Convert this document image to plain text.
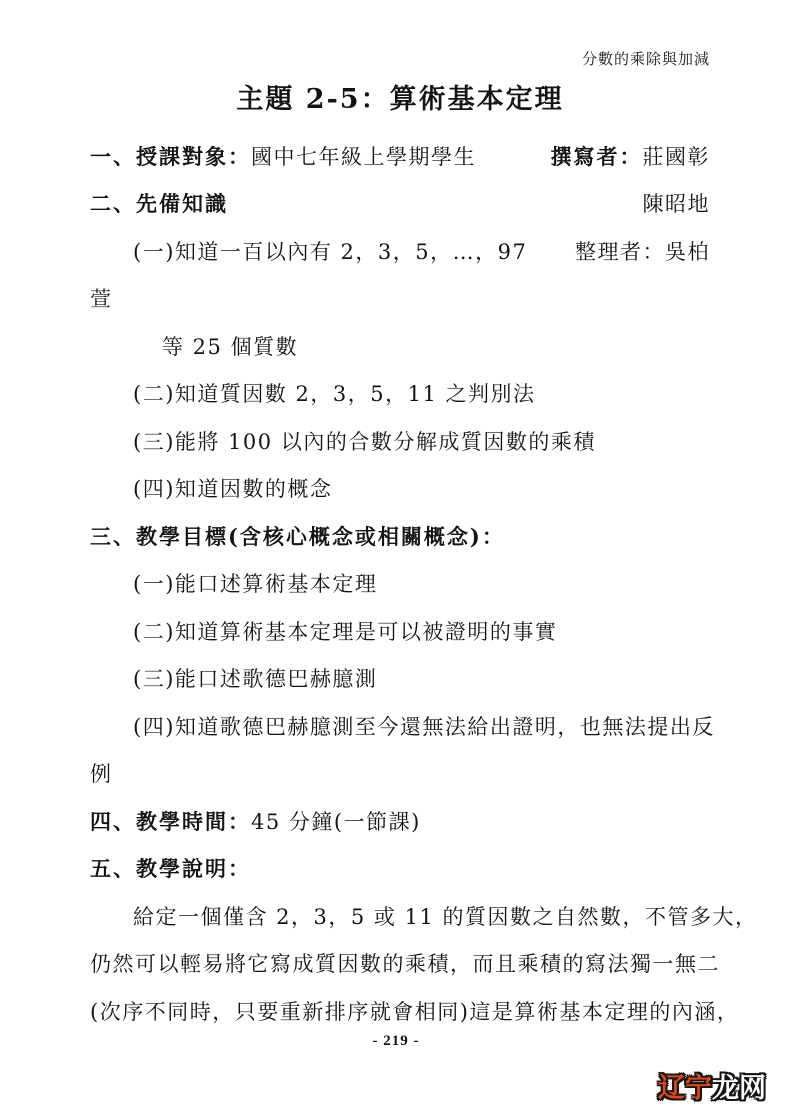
分數的乘除與加減
主題 2-5：算術基本定理
一、授課對象：國中七年級上學期學生	撰寫者：莊國彰
二、先備知識	陳昭地
(一)知道一百以內有 2，3，5，…，97 整理者：吳柏
萱
等 25 個質數
(二)知道質因數 2，3，5，11 之判別法
(三)能將 100 以內的合數分解成質因數的乘積
(四)知道因數的概念
三、教學目標(含核心概念或相關概念)：
(一)能口述算術基本定理
(二)知道算術基本定理是可以被證明的事實
(三)能口述歌德巴赫臆測
(四)知道歌德巴赫臆測至今還無法給出證明，也無法提出反
例
四、教學時間：45 分鐘(一節課)
五、教學說明：
給定一個僅含 2，3，5 或 11 的質因數之自然數，不管多大，
仍然可以輕易將它寫成質因數的乘積，而且乘積的寫法獨一無二
(次序不同時，只要重新排序就會相同)這是算術基本定理的內涵，
- 219 -
辽宁龙网
